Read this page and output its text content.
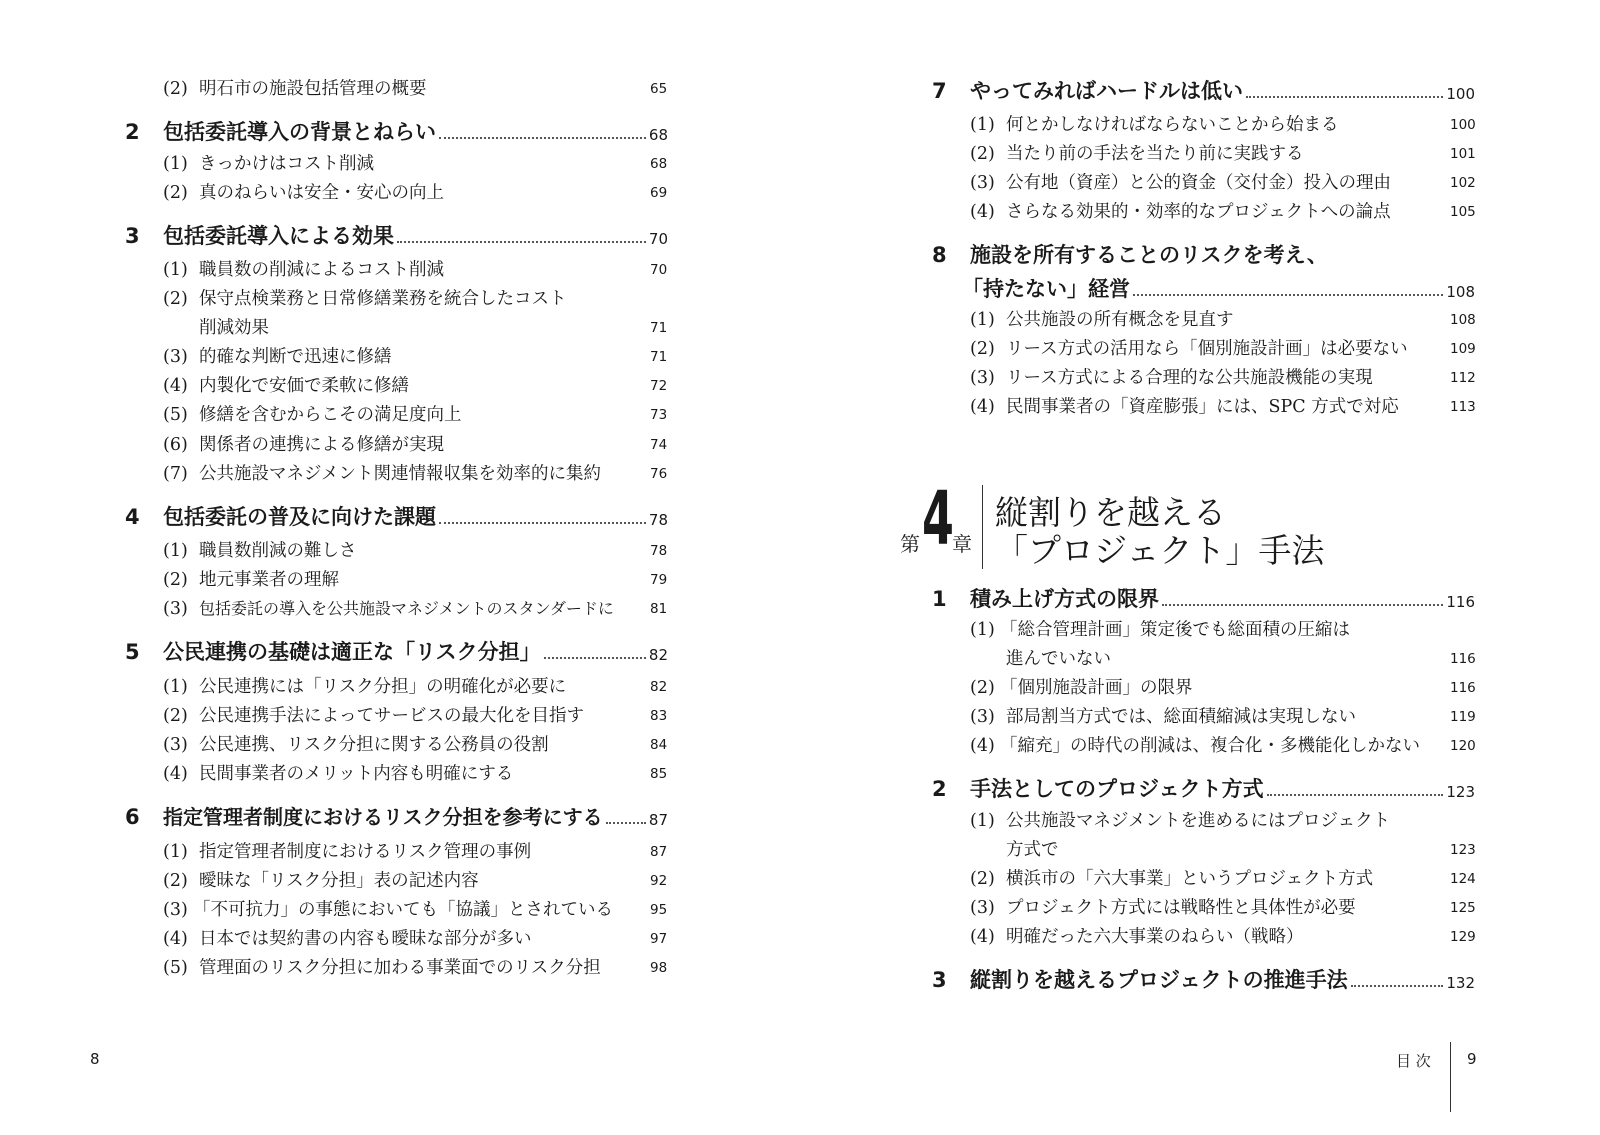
(2) 明石市の施設包括管理の概要	65
2	包括委託導入の背景とねらい	68
(1) きっかけはコスト削減	68
(2) 真のねらいは安全・安心の向上	69
3	包括委託導入による効果	70
(1) 職員数の削減によるコスト削減	70
(2) 保守点検業務と日常修繕業務を統合したコスト
削減効果	71
(3) 的確な判断で迅速に修繕	71
(4) 内製化で安価で柔軟に修繕	72
(5) 修繕を含むからこその満足度向上	73
(6) 関係者の連携による修繕が実現	74
(7) 公共施設マネジメント関連情報収集を効率的に集約	76
4	包括委託の普及に向けた課題	78
(1) 職員数削減の難しさ	78
(2) 地元事業者の理解	79
(3) 包括委託の導入を公共施設マネジメントのスタンダードに	81
5	公民連携の基礎は適正な「リスク分担」	82
(1) 公民連携には「リスク分担」の明確化が必要に	82
(2) 公民連携手法によってサービスの最大化を目指す	83
(3) 公民連携、リスク分担に関する公務員の役割	84
(4) 民間事業者のメリット内容も明確にする	85
6	指定管理者制度におけるリスク分担を参考にする	87
(1) 指定管理者制度におけるリスク管理の事例	87
(2) 曖昧な「リスク分担」表の記述内容	92
(3) 「不可抗力」の事態においても「協議」とされている	95
(4) 日本では契約書の内容も曖昧な部分が多い	97
(5) 管理面のリスク分担に加わる事業面でのリスク分担	98
8
7	やってみればハードルは低い	100
(1) 何とかしなければならないことから始まる	100
(2) 当たり前の手法を当たり前に実践する	101
(3) 公有地（資産）と公的資金（交付金）投入の理由	102
(4) さらなる効果的・効率的なプロジェクトへの論点	105
8	施設を所有することのリスクを考え、
「持たない」経営	108
(1) 公共施設の所有概念を見直す	108
(2) リース方式の活用なら「個別施設計画」は必要ない	109
(3) リース方式による合理的な公共施設機能の実現	112
(4) 民間事業者の「資産膨張」には、SPC 方式で対応	113
第 4
章
縦割りを越える
「プロジェクト」手法
1	積み上げ方式の限界	116
(1) 「総合管理計画」策定後でも総面積の圧縮は
進んでいない	116
(2) 「個別施設計画」の限界	116
(3) 部局割当方式では、総面積縮減は実現しない	119
(4) 「縮充」の時代の削減は、複合化・多機能化しかない 120
2	手法としてのプロジェクト方式	123
(1) 公共施設マネジメントを進めるにはプロジェクト
方式で	123
(2) 横浜市の「六大事業」というプロジェクト方式	124
(3) プロジェクト方式には戦略性と具体性が必要	125
(4) 明確だった六大事業のねらい（戦略）	129
3	縦割りを越えるプロジェクトの推進手法	132
目 次 9
